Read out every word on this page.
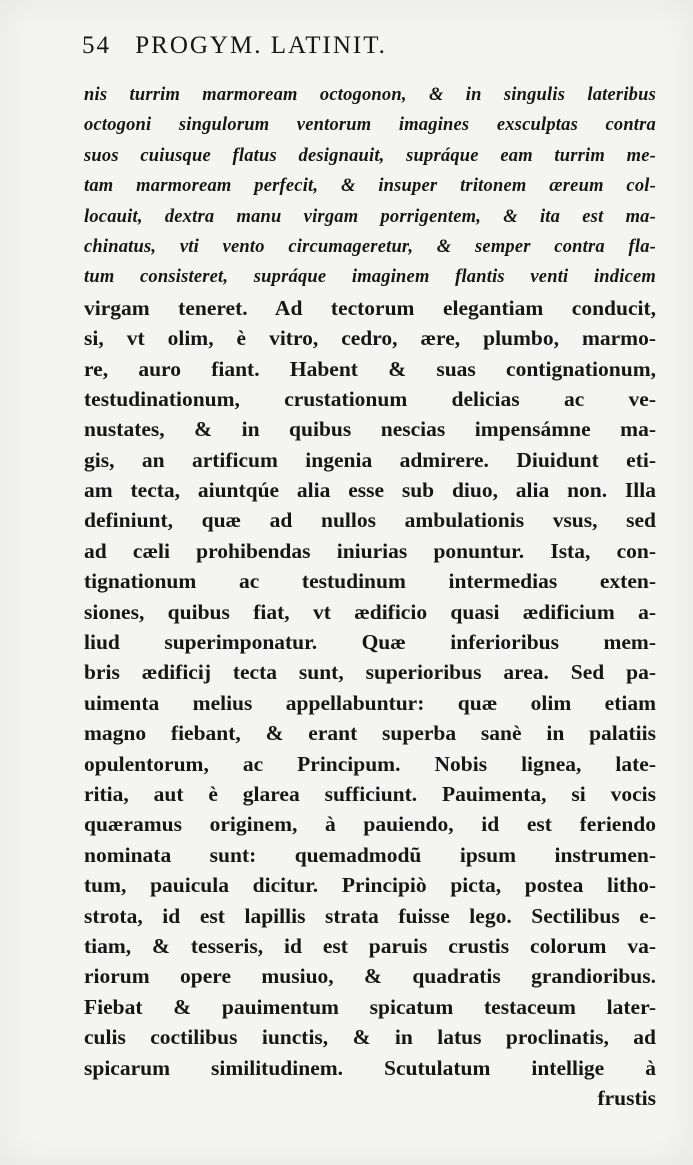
54 PROGYM. LATINIT.
nis turrim marmoream octogonon, & in singulis lateribus
octogoni singulorum ventorum imagines exsculptas contra
suos cuiusque flatus designauit, supráque eam turrim me-
tam marmoream perfecit, & insuper tritonem æreum col-
locauit, dextra manu virgam porrigentem, & ita est ma-
chinatus, vti vento circumageretur, & semper contra fla-
tum consisteret, supráque imaginem flantis venti indicem
virgam teneret. Ad tectorum elegantiam conducit,
si, vt olim, è vitro, cedro, ære, plumbo, marmo-
re, auro fiant. Habent & suas contignationum,
testudinationum, crustationum delicias ac ve-
nustates, & in quibus nescias impensámne ma-
gis, an artificum ingenia admirere. Diuidunt eti-
am tecta, aiuntqúe alia esse sub diuo, alia non. Illa
definiunt, quæ ad nullos ambulationis vsus, sed
ad cæli prohibendas iniurias ponuntur. Ista, con-
tignationum ac testudinum intermedias exten-
siones, quibus fiat, vt ædificio quasi ædificium a-
liud superimponatur. Quæ inferioribus mem-
bris ædificij tecta sunt, superioribus area. Sed pa-
uimenta melius appellabuntur: quæ olim etiam
magno fiebant, & erant superba sanè in palatiis
opulentorum, ac Principum. Nobis lignea, late-
ritia, aut è glarea sufficiunt. Pauimenta, si vocis
quæramus originem, à pauiendo, id est feriendo
nominata sunt: quemadmodũ ipsum instrumen-
tum, pauicula dicitur. Principiò picta, postea litho-
strota, id est lapillis strata fuisse lego. Sectilibus e-
tiam, & tesseris, id est paruis crustis colorum va-
riorum opere musiuo, & quadratis grandioribus.
Fiebat & pauimentum spicatum testaceum later-
culis coctilibus iunctis, & in latus proclinatis, ad
spicarum similitudinem. Scutulatum intellige à
frustis
